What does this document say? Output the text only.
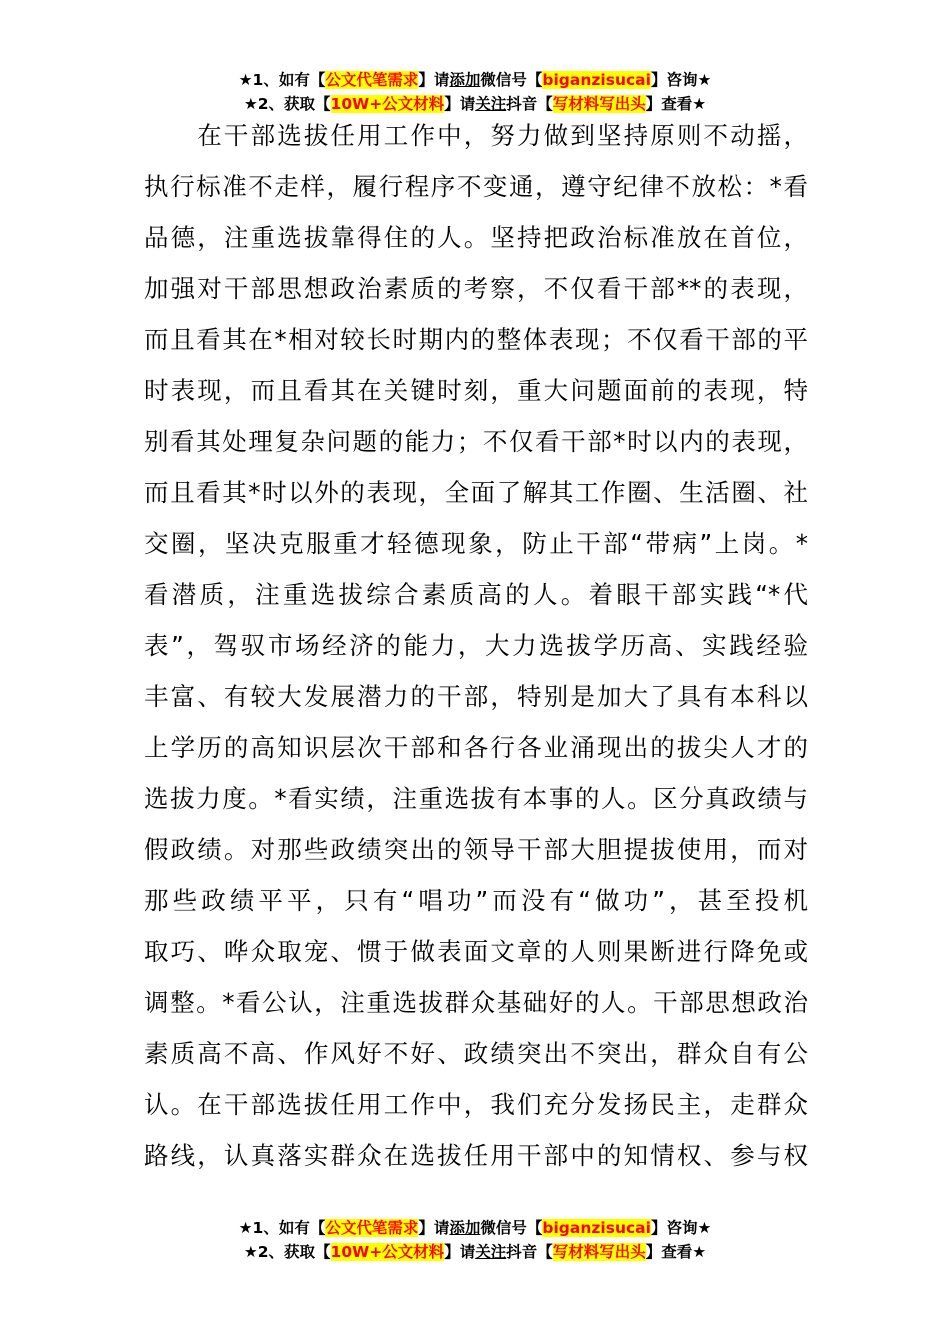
★1、如有【公文代笔需求】请添加微信号【biganzisucai】咨询★
★2、获取【10W+公文材料】请关注抖音【写材料写出头】查看★
　　在干部选拔任用工作中，努力做到坚持原则不动摇，
执行标准不走样，履行程序不变通，遵守纪律不放松：*看
品德，注重选拔靠得住的人。坚持把政治标准放在首位，
加强对干部思想政治素质的考察，不仅看干部**的表现，
而且看其在*相对较长时期内的整体表现；不仅看干部的平
时表现，而且看其在关键时刻，重大问题面前的表现，特
别看其处理复杂问题的能力；不仅看干部*时以内的表现，
而且看其*时以外的表现，全面了解其工作圈、生活圈、社
交圈，坚决克服重才轻德现象，防止干部“带病”上岗。*
看潜质，注重选拔综合素质高的人。着眼干部实践“*代
表”，驾驭市场经济的能力，大力选拔学历高、实践经验
丰富、有较大发展潜力的干部，特别是加大了具有本科以
上学历的高知识层次干部和各行各业涌现出的拔尖人才的
选拔力度。*看实绩，注重选拔有本事的人。区分真政绩与
假政绩。对那些政绩突出的领导干部大胆提拔使用，而对
那些政绩平平，只有“唱功”而没有“做功”，甚至投机
取巧、哗众取宠、惯于做表面文章的人则果断进行降免或
调整。*看公认，注重选拔群众基础好的人。干部思想政治
素质高不高、作风好不好、政绩突出不突出，群众自有公
认。在干部选拔任用工作中，我们充分发扬民主，走群众
路线，认真落实群众在选拔任用干部中的知情权、参与权
★1、如有【公文代笔需求】请添加微信号【biganzisucai】咨询★
★2、获取【10W+公文材料】请关注抖音【写材料写出头】查看★
